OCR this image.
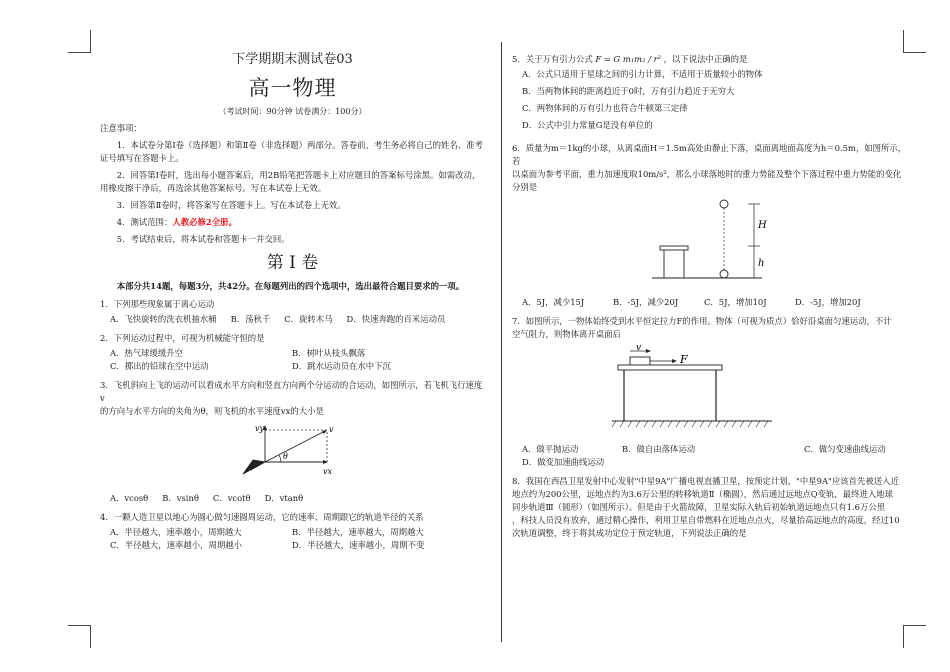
下学期期末测试卷03
高一物理
（考试时间：90分钟 试卷满分：100分）
注意事项：
1．本试卷分第Ⅰ卷（选择题）和第Ⅱ卷（非选择题）两部分。答卷前，考生务必将自己的姓名、准考证号填写在答题卡上。
2．回答第Ⅰ卷时，选出每小题答案后，用2B铅笔把答题卡上对应题目的答案标号涂黑。如需改动，用橡皮擦干净后，再选涂其他答案标号。写在本试卷上无效。
3．回答第Ⅱ卷时，将答案写在答题卡上。写在本试卷上无效。
4．测试范围：人教必修2全册。
5．考试结束后，将本试卷和答题卡一并交回。
第 I 卷
本部分共14题，每题3分，共42分。在每题列出的四个选项中，选出最符合题目要求的一项。
1．下列那些现象属于离心运动
A．飞快旋转的洗衣机抽水桶 B．荡秋千 C．旋转木马 D．快速奔跑的百米运动员
2．下列运动过程中，可视为机械能守恒的是
A．热气球缓缓升空	B．树叶从枝头飘落
C．掷出的铅球在空中运动	D．跳水运动员在水中下沉
3．飞机斜向上飞的运动可以看成水平方向和竖直方向两个分运动的合运动，如图所示，若飞机飞行速度v
的方向与水平方向的夹角为θ，则飞机的水平速度vx的大小是
vy	v
θ
vx
A．vcosθ B．vsinθ C．vcotθ D．vtanθ
4．一颗人造卫星以地心为圆心做匀速圆周运动，它的速率、周期跟它的轨道半径的关系
A．半径越大，速率越小，周期越大	B．半径越大，速率越大，周期越大
C．半径越大，速率越小，周期越小	D．半径越大，速率越小，周期不变
5．关于万有引力公式 F = G m₁m₂ / r² ，以下说法中正确的是
A．公式只适用于星球之间的引力计算，不适用于质量较小的物体
B．当两物体间的距离趋近于0时，万有引力趋近于无穷大
C．两物体间的万有引力也符合牛顿第三定律
D．公式中引力常量G是没有单位的
6．质量为m＝1kg的小球，从离桌面H＝1.5m高处由静止下落，桌面离地面高度为h＝0.5m，如图所示，若
以桌面为参考平面，重力加速度取10m/s²，那么小球落地时的重力势能及整个下落过程中重力势能的变化
分别是
H
h
A．5J，减少15J	B．-5J，减少20J	C．5J，增加10J	D．-5J，增加20J
7．如图所示，一物体始终受到水平恒定拉力F的作用。物体（可视为质点）恰好沿桌面匀速运动，不计
空气阻力，则物体离开桌面后
v
F
A．做平抛运动	B．做自由落体运动	C．做匀变速曲线运动
D．做变加速曲线运动
8．我国在西昌卫星发射中心发射"中星9A"广播电视直播卫星，按预定计划，"中星9A"应该首先被送入近
地点约为200公里，远地点约为3.6万公里的转移轨道Ⅱ（椭圆），然后通过远地点Q变轨，最终进入地球
同步轨道Ⅲ（圆形）（如图所示）。但是由于火箭故障，卫星实际入轨后初始轨道远地点只有1.6万公里
，科技人员没有放弃，通过精心操作，利用卫星自带燃料在近地点点火，尽量抬高远地点的高度，经过10
次轨道调整，终于将其成功定位于预定轨道，下列说法正确的是
